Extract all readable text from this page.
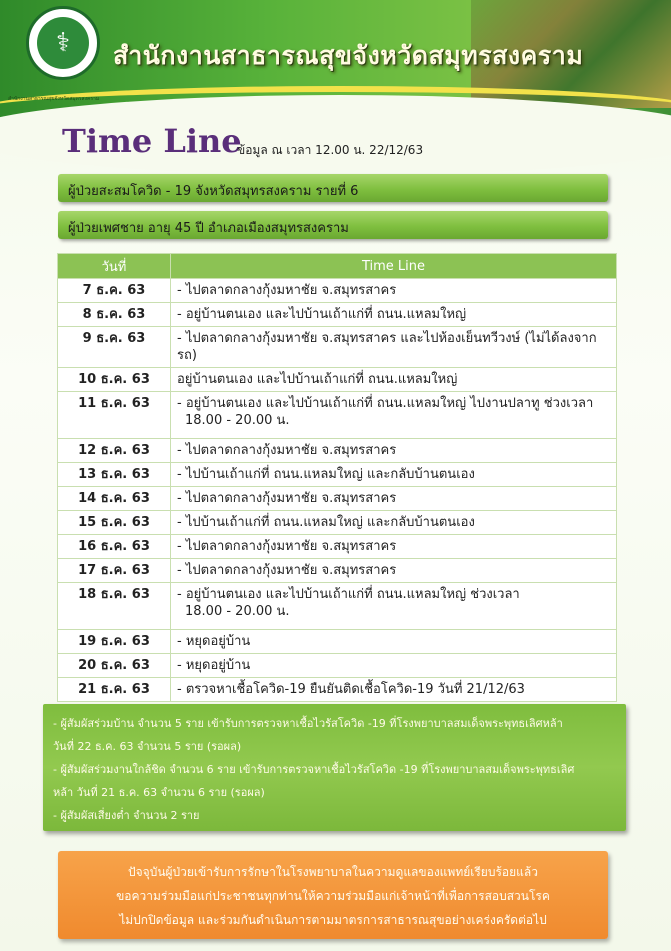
⚕	สำนักงานสาธารณสุขจังหวัดสมุทรสงคราม
สำนักงานสาธารณสุขจังหวัดสมุทรสงคราม
Time Line
ข้อมูล ณ เวลา 12.00 น. 22/12/63
ผู้ป่วยสะสมโควิด - 19 จังหวัดสมุทรสงคราม รายที่ 6
ผู้ป่วยเพศชาย อายุ 45 ปี อำเภอเมืองสมุทรสงคราม
วันที่	Time Line
7 ธ.ค. 63	- ไปตลาดกลางกุ้งมหาชัย จ.สมุทรสาคร
8 ธ.ค. 63	- อยู่บ้านตนเอง และไปบ้านเถ้าแก่ที่ ถนน.แหลมใหญ่
9 ธ.ค. 63	- ไปตลาดกลางกุ้งมหาชัย จ.สมุทรสาคร และไปห้องเย็นทวีวงษ์ (ไม่ได้ลงจากรถ)
10 ธ.ค. 63	อยู่บ้านตนเอง และไปบ้านเถ้าแก่ที่ ถนน.แหลมใหญ่
11 ธ.ค. 63	- อยู่บ้านตนเอง และไปบ้านเถ้าแก่ที่ ถนน.แหลมใหญ่ ไปงานปลาทู ช่วงเวลา
18.00 - 20.00 น.

12 ธ.ค. 63	- ไปตลาดกลางกุ้งมหาชัย จ.สมุทรสาคร
13 ธ.ค. 63	- ไปบ้านเถ้าแก่ที่ ถนน.แหลมใหญ่ และกลับบ้านตนเอง
14 ธ.ค. 63	- ไปตลาดกลางกุ้งมหาชัย จ.สมุทรสาคร
15 ธ.ค. 63	- ไปบ้านเถ้าแก่ที่ ถนน.แหลมใหญ่ และกลับบ้านตนเอง
16 ธ.ค. 63	- ไปตลาดกลางกุ้งมหาชัย จ.สมุทรสาคร
17 ธ.ค. 63	- ไปตลาดกลางกุ้งมหาชัย จ.สมุทรสาคร
18 ธ.ค. 63	- อยู่บ้านตนเอง และไปบ้านเถ้าแก่ที่ ถนน.แหลมใหญ่ ช่วงเวลา
18.00 - 20.00 น.

19 ธ.ค. 63	- หยุดอยู่บ้าน
20 ธ.ค. 63	- หยุดอยู่บ้าน
21 ธ.ค. 63	- ตรวจหาเชื้อโควิด-19 ยืนยันติดเชื้อโควิด-19 วันที่ 21/12/63

- ผู้สัมผัสร่วมบ้าน จำนวน 5 ราย เข้ารับการตรวจหาเชื้อไวรัสโควิด -19 ที่โรงพยาบาลสมเด็จพระพุทธเลิศหล้า

วันที่ 22 ธ.ค. 63 จำนวน 5 ราย (รอผล)

- ผู้สัมผัสร่วมงานใกล้ชิด จำนวน 6 ราย เข้ารับการตรวจหาเชื้อไวรัสโควิด -19 ที่โรงพยาบาลสมเด็จพระพุทธเลิศ

หล้า วันที่ 21 ธ.ค. 63 จำนวน 6 ราย (รอผล)

- ผู้สัมผัสเสี่ยงต่ำ จำนวน 2 ราย

ปัจจุบันผู้ป่วยเข้ารับการรักษาในโรงพยาบาลในความดูแลของแพทย์เรียบร้อยแล้ว

ขอความร่วมมือแก่ประชาชนทุกท่านให้ความร่วมมือแก่เจ้าหน้าที่เพื่อการสอบสวนโรค

ไม่ปกปิดข้อมูล และร่วมกันดำเนินการตามมาตรการสาธารณสุขอย่างเคร่งครัดต่อไป
